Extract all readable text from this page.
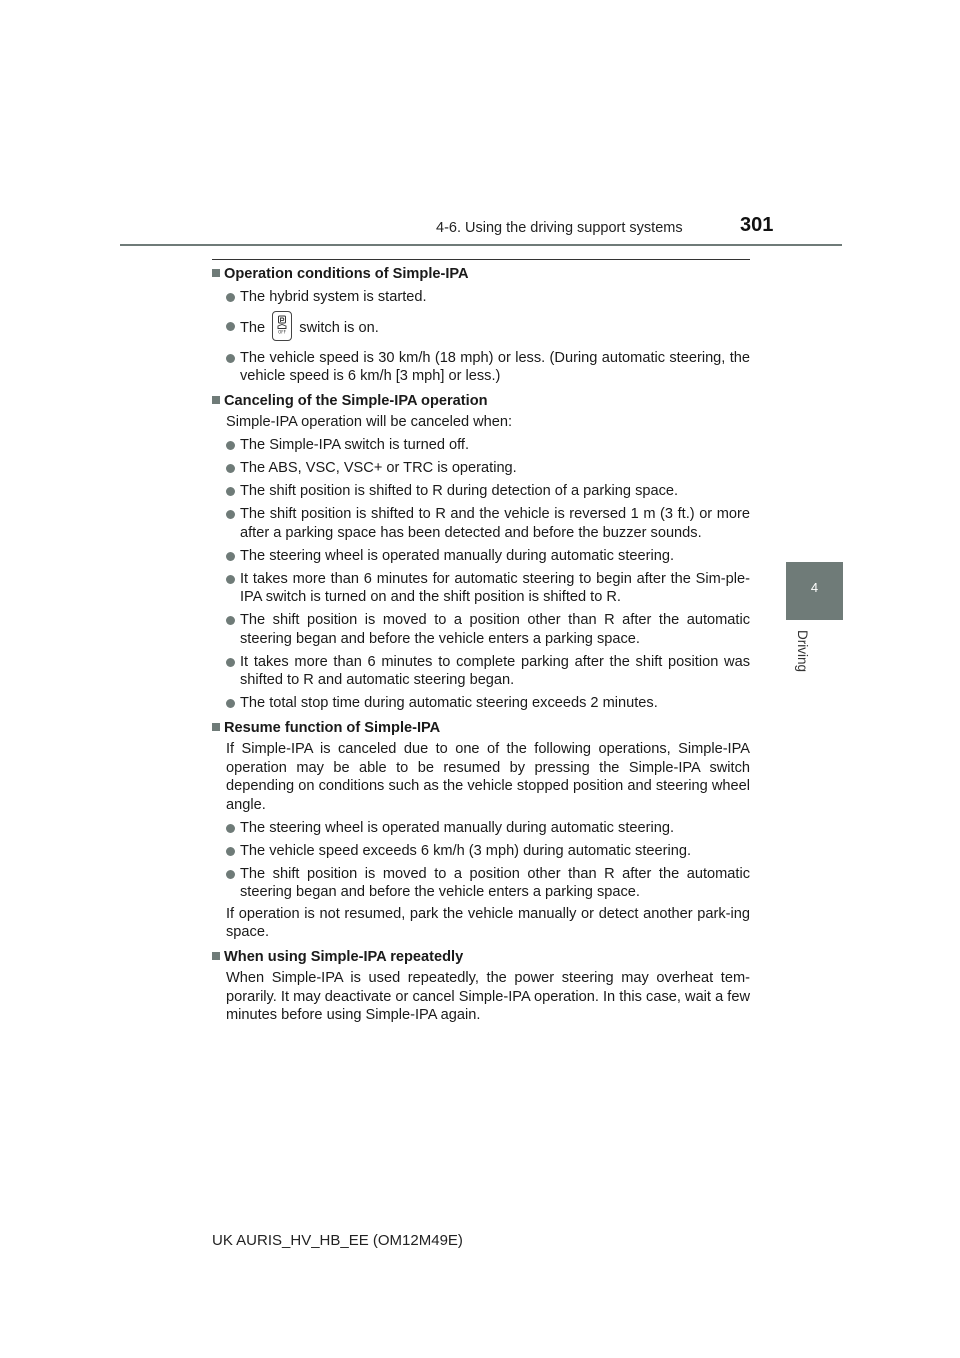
4-6. Using the driving support systems	301
4
Driving
Operation conditions of Simple-IPA
The hybrid system is started.
The	OFF switch is on.
The vehicle speed is 30 km/h (18 mph) or less. (During automatic steering, the vehicle speed is 6 km/h [3 mph] or less.)
Canceling of the Simple-IPA operation
Simple-IPA operation will be canceled when:
The Simple-IPA switch is turned off.
The ABS, VSC, VSC+ or TRC is operating.
The shift position is shifted to R during detection of a parking space.
The shift position is shifted to R and the vehicle is reversed 1 m (3 ft.) or more after a parking space has been detected and before the buzzer sounds.
The steering wheel is operated manually during automatic steering.
It takes more than 6 minutes for automatic steering to begin after the Sim-ple-IPA switch is turned on and the shift position is shifted to R.
The shift position is moved to a position other than R after the automatic steering began and before the vehicle enters a parking space.
It takes more than 6 minutes to complete parking after the shift position was shifted to R and automatic steering began.
The total stop time during automatic steering exceeds 2 minutes.
Resume function of Simple-IPA
If Simple-IPA is canceled due to one of the following operations, Simple-IPA operation may be able to be resumed by pressing the Simple-IPA switch depending on conditions such as the vehicle stopped position and steering wheel angle.
The steering wheel is operated manually during automatic steering.
The vehicle speed exceeds 6 km/h (3 mph) during automatic steering.
The shift position is moved to a position other than R after the automatic steering began and before the vehicle enters a parking space.
If operation is not resumed, park the vehicle manually or detect another park-ing space.
When using Simple-IPA repeatedly
When Simple-IPA is used repeatedly, the power steering may overheat tem-porarily. It may deactivate or cancel Simple-IPA operation. In this case, wait a few minutes before using Simple-IPA again.
UK AURIS_HV_HB_EE (OM12M49E)
